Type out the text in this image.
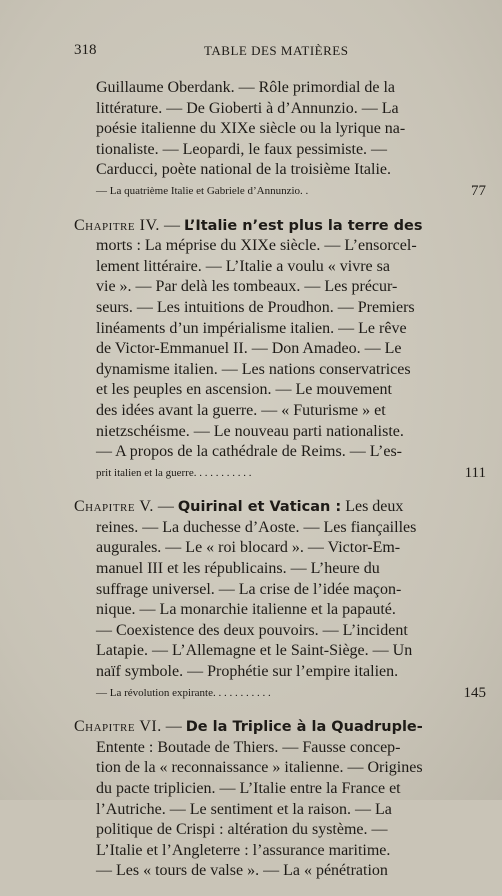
318	TABLE DES MATIÈRES
Guillaume Oberdank. — Rôle primordial de la
littérature. — De Gioberti à d’Annunzio. — La
poésie italienne du XIXe siècle ou la lyrique na-
tionaliste. — Leopardi, le faux pessimiste. —
Carducci, poète national de la troisième Italie.
— La quatrième Italie et Gabriele d’Annunzio. .	77
Chapitre IV. — L’Italie n’est plus la terre des
morts : La méprise du XIXe siècle. — L’ensorcel-
lement littéraire. — L’Italie a voulu « vivre sa
vie ». — Par delà les tombeaux. — Les précur-
seurs. — Les intuitions de Proudhon. — Premiers
linéaments d’un impérialisme italien. — Le rêve
de Victor-Emmanuel II. — Don Amadeo. — Le
dynamisme italien. — Les nations conservatrices
et les peuples en ascension. — Le mouvement
des idées avant la guerre. — « Futurisme » et
nietzschéisme. — Le nouveau parti nationaliste.
— A propos de la cathédrale de Reims. — L’es-
prit italien et la guerre. . . . . . . . . . .	111
Chapitre V. — Quirinal et Vatican : Les deux
reines. — La duchesse d’Aoste. — Les fiançailles
augurales. — Le « roi blocard ». — Victor-Em-
manuel III et les républicains. — L’heure du
suffrage universel. — La crise de l’idée maçon-
nique. — La monarchie italienne et la papauté.
— Coexistence des deux pouvoirs. — L’incident
Latapie. — L’Allemagne et le Saint-Siège. — Un
naïf symbole. — Prophétie sur l’empire italien.
— La révolution expirante. . . . . . . . . . .	145
Chapitre VI. — De la Triplice à la Quadruple-
Entente : Boutade de Thiers. — Fausse concep-
tion de la « reconnaissance » italienne. — Origines
du pacte triplicien. — L’Italie entre la France et
l’Autriche. — Le sentiment et la raison. — La
politique de Crispi : altération du système. —
L’Italie et l’Angleterre : l’assurance maritime.
— Les « tours de valse ». — La « pénétration
